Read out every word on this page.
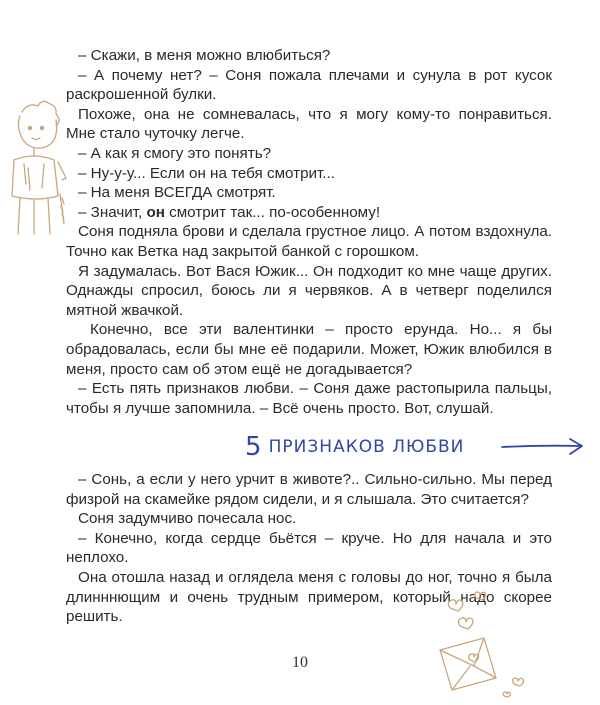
– Скажи, в меня можно влюбиться?

– А почему нет? – Соня пожала плечами и сунула в рот кусок раскрошенной булки.

Похоже, она не сомневалась, что я могу кому-то понравиться. Мне стало чуточку легче.

– А как я смогу это понять?

– Ну-у-у... Если он на тебя смотрит...

– На меня ВСЕГДА смотрят.

– Значит, он смотрит так... по-особенному!

Соня подняла брови и сделала грустное лицо. А потом вздохнула. Точно как Ветка над закрытой банкой с горошком.

Я задумалась. Вот Вася Южик... Он подходит ко мне чаще других. Однажды спросил, боюсь ли я червяков. А в четверг поделился мятной жвачкой.

Конечно, все эти валентинки – просто ерунда. Но... я бы обрадовалась, если бы мне её подарили. Может, Южик влюбился в меня, просто сам об этом ещё не догадывается?

– Есть пять признаков любви. – Соня даже растопырила пальцы, чтобы я лучше запомнила. – Всё очень просто. Вот, слушай.

5 ПРИЗНАКОВ ЛЮБВИ

– Сонь, а если у него урчит в животе?.. Сильно-сильно. Мы перед физрой на скамейке рядом сидели, и я слышала. Это считается?

Соня задумчиво почесала нос.

– Конечно, когда сердце бьётся – круче. Но для начала и это неплохо.

Она отошла назад и оглядела меня с головы до ног, точно я была длинннющим и очень трудным примером, который надо скорее решить.

10
